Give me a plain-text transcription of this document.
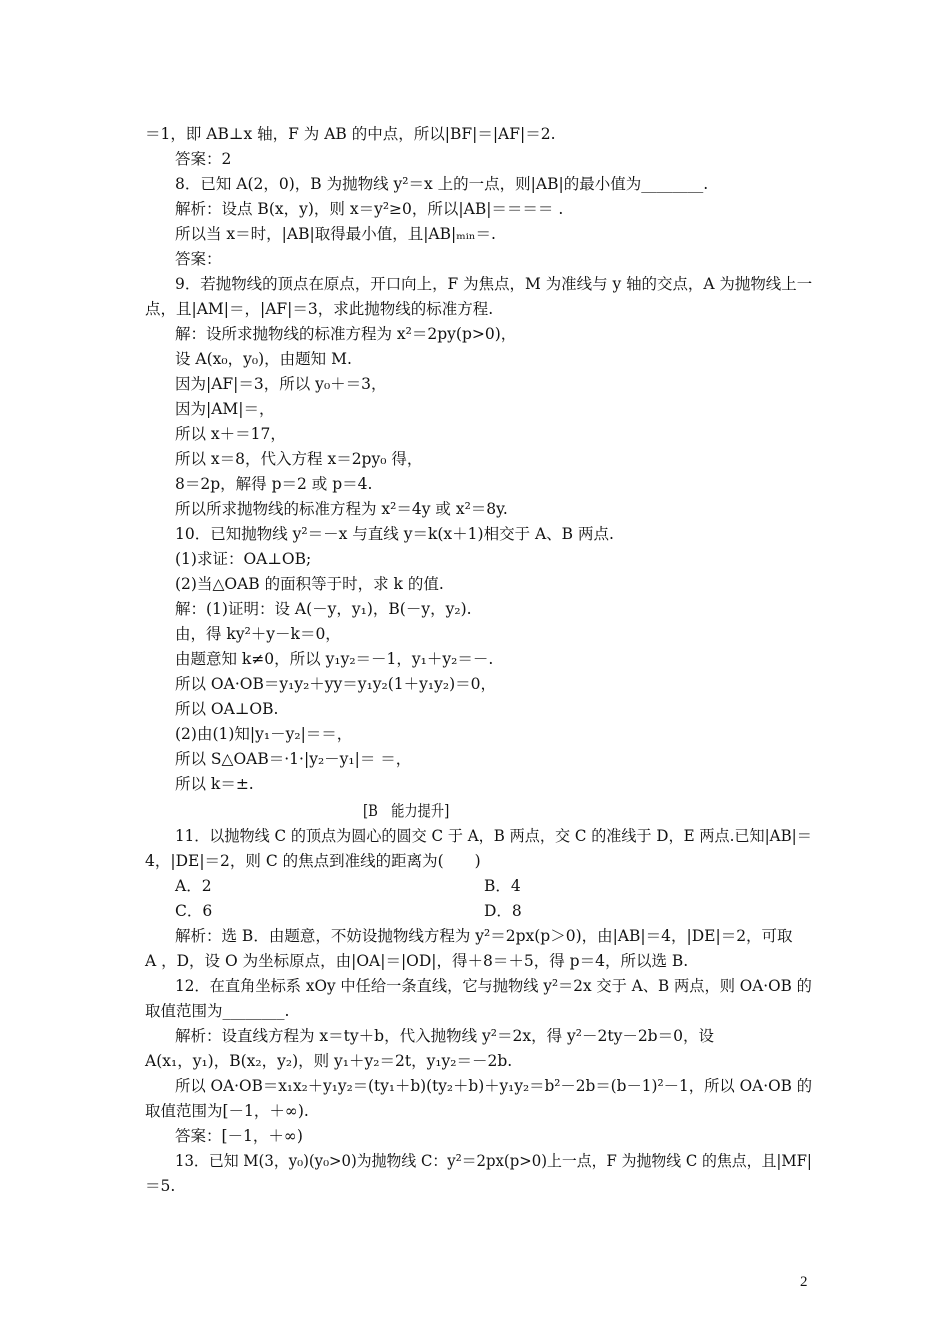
＝1，即 AB⊥x 轴，F 为 AB 的中点，所以|BF|＝|AF|＝2.
答案：2
8．已知 A(2，0)，B 为抛物线 y²＝x 上的一点，则|AB|的最小值为________.
解析：设点 B(x，y)，则 x＝y²≥0，所以|AB|＝＝＝＝ .
所以当 x＝时，|AB|取得最小值，且|AB|ₘᵢₙ＝.
答案：
9．若抛物线的顶点在原点，开口向上，F 为焦点，M 为准线与 y 轴的交点，A 为抛物线上一
点，且|AM|＝，|AF|＝3，求此抛物线的标准方程.
解：设所求抛物线的标准方程为 x²＝2py(p>0)，
设 A(x₀，y₀)，由题知 M.
因为|AF|＝3，所以 y₀＋＝3，
因为|AM|＝，
所以 x＋＝17，
所以 x＝8，代入方程 x＝2py₀ 得，
8＝2p，解得 p＝2 或 p＝4.
所以所求抛物线的标准方程为 x²＝4y 或 x²＝8y.
10．已知抛物线 y²＝－x 与直线 y＝k(x＋1)相交于 A、B 两点.
(1)求证：OA⊥OB;
(2)当△OAB 的面积等于时，求 k 的值.
解：(1)证明：设 A(－y，y₁)，B(－y，y₂).
由，得 ky²＋y－k＝0，
由题意知 k≠0，所以 y₁y₂＝－1，y₁＋y₂＝－.
所以 OA·OB＝y₁y₂＋yy＝y₁y₂(1＋y₁y₂)＝0，
所以 OA⊥OB.
(2)由(1)知|y₁－y₂|＝＝，
所以 S△OAB＝·1·|y₂－y₁|＝ ＝，
所以 k＝±.
[B　能力提升]
11．以抛物线 C 的顶点为圆心的圆交 C 于 A，B 两点，交 C 的准线于 D，E 两点.已知|AB|＝
4，|DE|＝2，则 C 的焦点到准线的距离为(　　)
A．2	B．4
C．6	D．8
解析：选 B．由题意，不妨设抛物线方程为 y²＝2px(p＞0)，由|AB|＝4，|DE|＝2，可取
A ，D，设 O 为坐标原点，由|OA|＝|OD|，得＋8＝＋5，得 p＝4，所以选 B.
12．在直角坐标系 xOy 中任给一条直线，它与抛物线 y²＝2x 交于 A、B 两点，则 OA·OB 的
取值范围为________.
解析：设直线方程为 x＝ty＋b，代入抛物线 y²＝2x，得 y²－2ty－2b＝0，设
A(x₁，y₁)，B(x₂，y₂)，则 y₁＋y₂＝2t，y₁y₂＝－2b.
所以 OA·OB＝x₁x₂＋y₁y₂＝(ty₁＋b)(ty₂＋b)＋y₁y₂＝b²－2b＝(b－1)²－1，所以 OA·OB 的
取值范围为[－1，＋∞).
答案：[－1，＋∞)
13．已知 M(3，y₀)(y₀>0)为抛物线 C：y²＝2px(p>0)上一点，F 为抛物线 C 的焦点，且|MF|
＝5.
2
